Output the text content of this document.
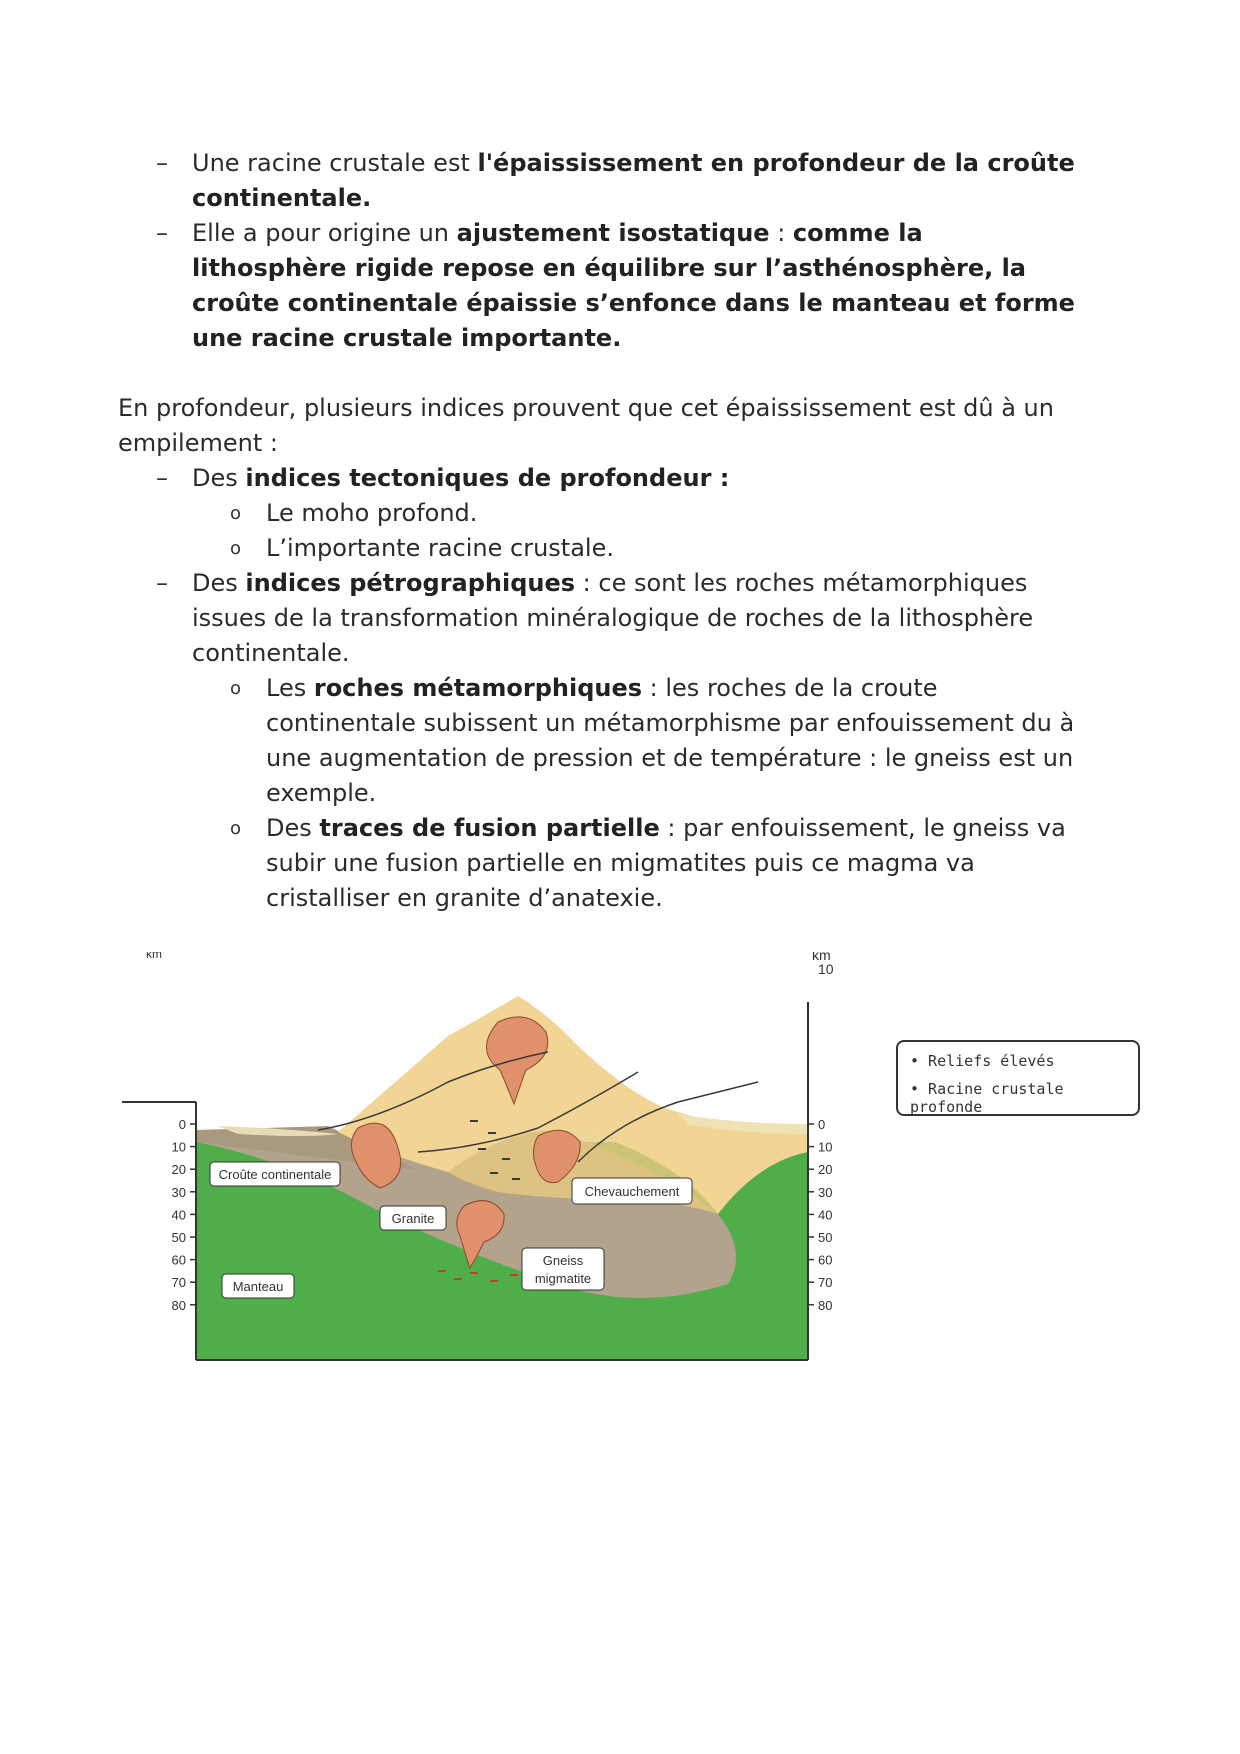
– Une racine crustale est l'épaississement en profondeur de la croûte
continentale.
– Elle a pour origine un ajustement isostatique : comme la
lithosphère rigide repose en équilibre sur l’asthénosphère, la
croûte continentale épaissie s’enfonce dans le manteau et forme
une racine crustale importante.
En profondeur, plusieurs indices prouvent que cet épaississement est dû à un
empilement :
– Des indices tectoniques de profondeur :
o Le moho profond.
o L’importante racine crustale.
– Des indices pétrographiques : ce sont les roches métamorphiques
issues de la transformation minéralogique de roches de la lithosphère
continentale.
o Les roches métamorphiques : les roches de la croute
continentale subissent un métamorphisme par enfouissement du à
une augmentation de pression et de température : le gneiss est un
exemple.
o Des traces de fusion partielle : par enfouissement, le gneiss va
subir une fusion partielle en migmatites puis ce magma va
cristalliser en granite d’anatexie.
km	km
10
0
10
20
30
40
50
60
70
80
0
10
20
30
40
50
60
70
80
Croûte continentale
Granite
Manteau
Gneiss
migmatite
Chevauchement
• Reliefs élevés
• Racine crustale profonde
